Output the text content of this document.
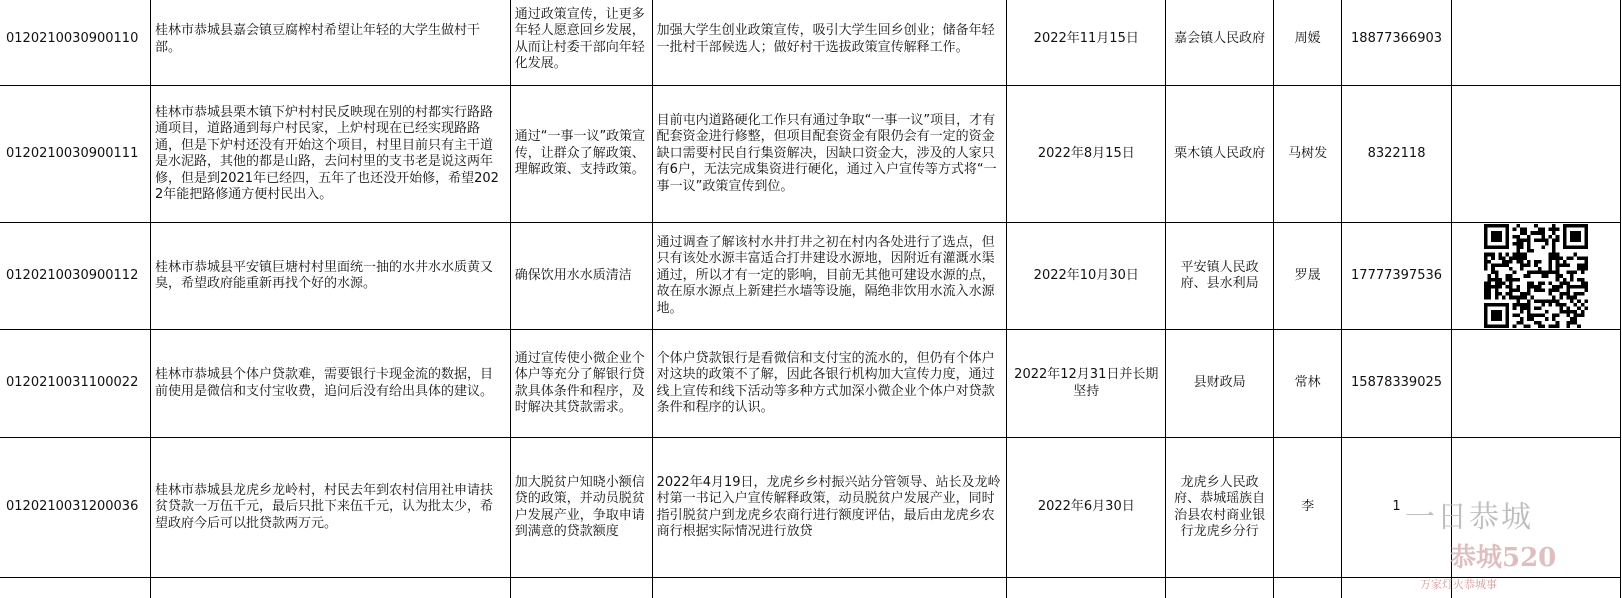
0120210030900110	桂林市恭城县嘉会镇豆腐榨村希望让年轻的大学生做村干部。	通过政策宣传，让更多年轻人愿意回乡发展，从而让村委干部向年轻化发展。	加强大学生创业政策宣传，吸引大学生回乡创业；储备年轻一批村干部候选人；做好村干选拔政策宣传解释工作。	2022年11月15日	嘉会镇人民政府	周媛	18877366903	
0120210030900111	桂林市恭城县栗木镇下炉村村民反映现在别的村都实行路路通项目，道路通到每户村民家，上炉村现在已经实现路路通，但是下炉村还没有开始这个项目，村里目前只有主干道是水泥路，其他的都是山路，去问村里的支书老是说这两年修，但是到2021年已经四，五年了也还没开始修，希望2022年能把路修通方便村民出入。	通过“一事一议”政策宣传，让群众了解政策、理解政策、支持政策。	目前屯内道路硬化工作只有通过争取“一事一议”项目，才有配套资金进行修整，但项目配套资金有限仍会有一定的资金缺口需要村民自行集资解决，因缺口资金大，涉及的人家只有6户，无法完成集资进行硬化，通过入户宣传等方式将“一事一议”政策宣传到位。	2022年8月15日	栗木镇人民政府	马树发	8322118	
0120210030900112	桂林市恭城县平安镇巨塘村村里面统一抽的水井水水质黄又臭，希望政府能重新再找个好的水源。	确保饮用水水质清洁	通过调查了解该村水井打井之初在村内各处进行了选点，但只有该处水源丰富适合打井建设水源地，因附近有灌溉水渠通过，所以才有一定的影响，目前无其他可建设水源的点，故在原水源点上新建拦水墙等设施，隔绝非饮用水流入水源地。	2022年10月30日	平安镇人民政府、县水利局	罗晟	17777397536	

0120210031100022	桂林市恭城县个体户贷款难，需要银行卡现金流的数据，目前使用是微信和支付宝收费，追问后没有给出具体的建议。	通过宣传使小微企业个体户等充分了解银行贷款具体条件和程序，及时解决其贷款需求。	个体户贷款银行是看微信和支付宝的流水的，但仍有个体户对这块的政策不了解，因此各银行机构加大宣传力度，通过线上宣传和线下活动等多种方式加深小微企业个体户对贷款条件和程序的认识。	2022年12月31日并长期坚持	县财政局	常林	15878339025	
0120210031200036	桂林市恭城县龙虎乡龙岭村，村民去年到农村信用社申请扶贫贷款一万伍千元，最后只批下来伍千元，认为批太少，希望政府今后可以批贷款两万元。	加大脱贫户知晓小额信贷的政策，并动员脱贫户发展产业，争取申请到满意的贷款额度	2022年4月19日，龙虎乡乡村振兴站分管领导、站长及龙岭村第一书记入户宣传解释政策，动员脱贫户发展产业，同时指引脱贫户到龙虎乡农商行进行额度评估，最后由龙虎乡农商行根据实际情况进行放贷	2022年6月30日	龙虎乡人民政府、恭城瑶族自治县农村商业银行龙虎乡分行	李	1	
								一日恭城
恭城520
万家灯火恭城事
